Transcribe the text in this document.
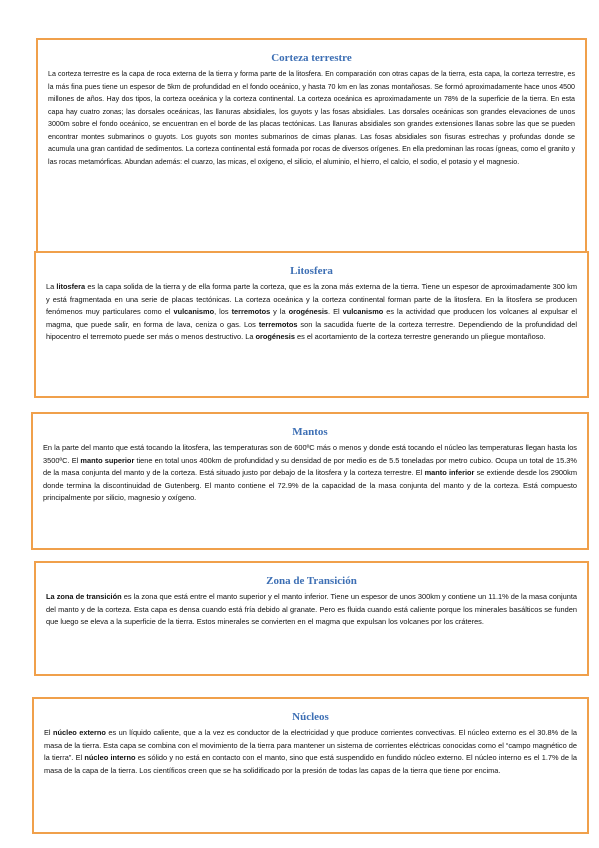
Corteza terrestre

La corteza terrestre es la capa de roca externa de la tierra y forma parte de la litosfera. En comparación con otras capas de la tierra, esta capa, la corteza terrestre, es la más fina pues tiene un espesor de 5km de profundidad en el fondo oceánico, y hasta 70 km en las zonas montañosas. Se formó aproximadamente hace unos 4500 millones de años. Hay dos tipos, la corteza oceánica y la corteza continental. La corteza oceánica es aproximadamente un 78% de la superficie de la tierra. En esta capa hay cuatro zonas; las dorsales oceánicas, las llanuras absidiales, los guyots y las fosas absidiales. Las dorsales oceánicas son grandes elevaciones de unos 3000m sobre el fondo oceánico, se encuentran en el borde de las placas tectónicas. Las llanuras absidiales son grandes extensiones llanas sobre las que se pueden encontrar montes submarinos o guyots. Los guyots son montes submarinos de cimas planas. Las fosas absidiales son fisuras estrechas y profundas donde se acumula una gran cantidad de sedimentos. La corteza continental está formada por rocas de diversos orígenes. En ella predominan las rocas ígneas, como el granito y las rocas metamórficas. Abundan además: el cuarzo, las micas, el oxígeno, el silicio, el aluminio, el hierro, el calcio, el sodio, el potasio y el magnesio.

Litosfera

La litosfera es la capa solida de la tierra y de ella forma parte la corteza, que es la zona más externa de la tierra. Tiene un espesor de aproximadamente 300 km y está fragmentada en una serie de placas tectónicas. La corteza oceánica y la corteza continental forman parte de la litosfera. En la litosfera se producen fenómenos muy particulares como el vulcanismo, los terremotos y la orogénesis. El vulcanismo es la actividad que producen los volcanes al expulsar el magma, que puede salir, en forma de lava, ceniza o gas. Los terremotos son la sacudida fuerte de la corteza terrestre. Dependiendo de la profundidad del hipocentro el terremoto puede ser más o menos destructivo. La orogénesis es el acortamiento de la corteza terrestre generando un pliegue montañoso.

Mantos

En la parte del manto que está tocando la litosfera, las temperaturas son de 600ºC más o menos y donde está tocando el núcleo las temperaturas llegan hasta los 3500ºC. El manto superior tiene en total unos 400km de profundidad y su densidad de por medio es de 5.5 toneladas por metro cubico. Ocupa un total de 15.3% de la masa conjunta del manto y de la corteza. Está situado justo por debajo de la litosfera y la corteza terrestre. El manto inferior se extiende desde los 2900km donde termina la discontinuidad de Gutenberg. El manto contiene el 72.9% de la capacidad de la masa conjunta del manto y de la corteza. Está compuesto principalmente por silicio, magnesio y oxígeno.

Zona de Transición

La zona de transición es la zona que está entre el manto superior y el manto inferior. Tiene un espesor de unos 300km y contiene un 11.1% de la masa conjunta del manto y de la corteza. Esta capa es densa cuando está fría debido al granate. Pero es fluida cuando está caliente porque los minerales basálticos se funden que luego se eleva a la superficie de la tierra. Estos minerales se convierten en el magma que expulsan los volcanes por los cráteres.

Núcleos

El núcleo externo es un líquido caliente, que a la vez es conductor de la electricidad y que produce corrientes convectivas. El núcleo externo es el 30.8% de la masa de la tierra. Esta capa se combina con el movimiento de la tierra para mantener un sistema de corrientes eléctricas conocidas como el “campo magnético de la tierra”. El núcleo interno es sólido y no está en contacto con el manto, sino que está suspendido en fundido núcleo externo. El núcleo interno es el 1.7% de la masa de la capa de la tierra. Los científicos creen que se ha solidificado por la presión de todas las capas de la tierra que tiene por encima.
